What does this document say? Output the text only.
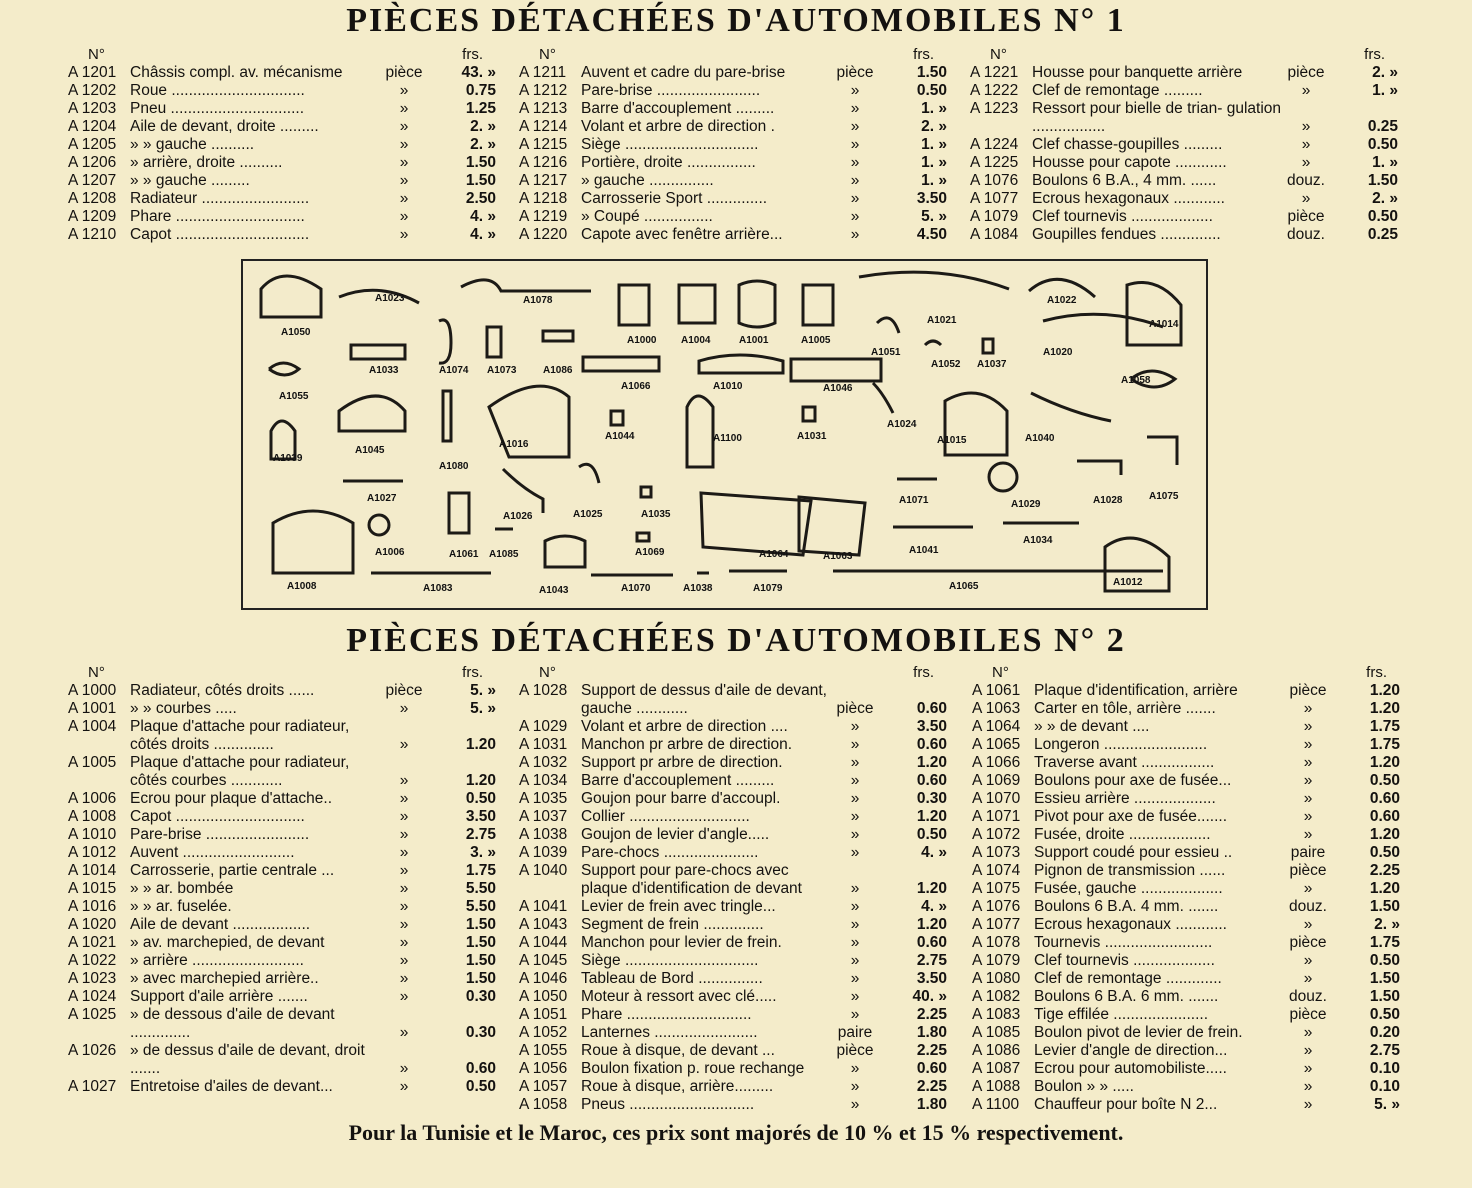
PIÈCES DÉTACHÉES D'AUTOMOBILES N° 1
N°	frs.
A 1201 Châssis compl. av. mécanisme	pièce	43. »
A 1202 Roue ...............................	»	0.75
A 1203 Pneu ...............................	»	1.25
A 1204 Aile de devant, droite .........	»	2. »
A 1205 » » gauche ..........	»	2. »
A 1206 » arrière, droite ..........	»	1.50
A 1207 » » gauche .........	»	1.50
A 1208 Radiateur .........................	»	2.50
A 1209 Phare ..............................	»	4. »
A 1210 Capot ...............................	»	4. »
N°	frs.
A 1211 Auvent et cadre du pare-brise	pièce	1.50
A 1212 Pare-brise ........................	»	0.50
A 1213 Barre d'accouplement .........	»	1. »
A 1214 Volant et arbre de direction .	»	2. »
A 1215 Siège ...............................	»	1. »
A 1216 Portière, droite ................	»	1. »
A 1217 » gauche ...............	»	1. »
A 1218 Carrosserie Sport ..............	»	3.50
A 1219 » Coupé ................	»	5. »
A 1220 Capote avec fenêtre arrière...	»	4.50
N°	frs.
A 1221 Housse pour banquette arrière	pièce	2. »
A 1222 Clef de remontage .........	»	1. »
A 1223 Ressort pour bielle de trian- gulation .................	»	0.25
A 1224 Clef chasse-goupilles .........	»	0.50
A 1225 Housse pour capote ............	»	1. »
A 1076 Boulons 6 B.A., 4 mm. ......	douz.	1.50
A 1077 Ecrous hexagonaux ............	»	2. »
A 1079 Clef tournevis ...................	pièce	0.50
A 1084 Goupilles fendues ..............	douz.	0.25
A1050
A1023	A1078
A1000 A1004	A1001	A1005
A1022
A1021	A1014
A1033	A1074 A1073	A1086
A1051
A1052 A1037
A1020
A1055
A1066	A1010	A1046
A1058
A1045
A1016
A1044	A1100	A1031
A1024
A1015	A1040
A1039
A1080
A1027	A1071	A1029	A1028	A1075
A1026	A1025	A1035
A1006	A1061 A1085	A1069	A1064	A1063
A1041
A1034
A1008	A1083	A1043	A1070	A1038	A1079	A1065	A1012
PIÈCES DÉTACHÉES D'AUTOMOBILES N° 2
N°	frs.
A 1000 Radiateur, côtés droits ......	pièce	5. »
A 1001 » » courbes .....	»	5. »
A 1004 Plaque d'attache pour radiateur, côtés droits ..............	»	1.20
A 1005 Plaque d'attache pour radiateur, côtés courbes ............	»	1.20
A 1006 Ecrou pour plaque d'attache..	»	0.50
A 1008 Capot ..............................	»	3.50
A 1010 Pare-brise ........................	»	2.75
A 1012 Auvent ..........................	»	3. »
A 1014 Carrosserie, partie centrale ...	»	1.75
A 1015 » » ar. bombée	»	5.50
A 1016 » » ar. fuselée.	»	5.50
A 1020 Aile de devant ..................	»	1.50
A 1021 » av. marchepied, de devant	»	1.50
A 1022 » arrière ..........................	»	1.50
A 1023 » avec marchepied arrière..	»	1.50
A 1024 Support d'aile arrière .......	»	0.30
A 1025 » de dessous d'aile de devant ..............	»	0.30
A 1026 » de dessus d'aile de devant, droit .......	»	0.60
A 1027 Entretoise d'ailes de devant...	»	0.50
N°	frs.
A 1028 Support de dessus d'aile de devant, gauche ............	pièce	0.60
A 1029 Volant et arbre de direction ....	»	3.50
A 1031 Manchon pr arbre de direction.	»	0.60
A 1032 Support pr arbre de direction.	»	1.20
A 1034 Barre d'accouplement .........	»	0.60
A 1035 Goujon pour barre d'accoupl.	»	0.30
A 1037 Collier ............................	»	1.20
A 1038 Goujon de levier d'angle.....	»	0.50
A 1039 Pare-chocs ......................	»	4. »
A 1040 Support pour pare-chocs avec plaque d'identification de devant	»	1.20
A 1041 Levier de frein avec tringle...	»	4. »
A 1043 Segment de frein ..............	»	1.20
A 1044 Manchon pour levier de frein.	»	0.60
A 1045 Siège ...............................	»	2.75
A 1046 Tableau de Bord ...............	»	3.50
A 1050 Moteur à ressort avec clé.....	»	40. »
A 1051 Phare .............................	»	2.25
A 1052 Lanternes ........................	paire	1.80
A 1055 Roue à disque, de devant ...	pièce	2.25
A 1056 Boulon fixation p. roue rechange	»	0.60
A 1057 Roue à disque, arrière.........	»	2.25
A 1058 Pneus .............................	»	1.80
N°	frs.
A 1061 Plaque d'identification, arrière	pièce	1.20
A 1063 Carter en tôle, arrière .......	»	1.20
A 1064 » » de devant ....	»	1.75
A 1065 Longeron ........................	»	1.75
A 1066 Traverse avant .................	»	1.20
A 1069 Boulons pour axe de fusée...	»	0.50
A 1070 Essieu arrière ...................	»	0.60
A 1071 Pivot pour axe de fusée.......	»	0.60
A 1072 Fusée, droite ...................	»	1.20
A 1073 Support coudé pour essieu ..	paire	0.50
A 1074 Pignon de transmission ......	pièce	2.25
A 1075 Fusée, gauche ...................	»	1.20
A 1076 Boulons 6 B.A. 4 mm. .......	douz.	1.50
A 1077 Ecrous hexagonaux ............	»	2. »
A 1078 Tournevis .........................	pièce	1.75
A 1079 Clef tournevis ...................	»	0.50
A 1080 Clef de remontage .............	»	1.50
A 1082 Boulons 6 B.A. 6 mm. .......	douz.	1.50
A 1083 Tige effilée ......................	pièce	0.50
A 1085 Boulon pivot de levier de frein.	»	0.20
A 1086 Levier d'angle de direction...	»	2.75
A 1087 Ecrou pour automobiliste.....	»	0.10
A 1088 Boulon » » .....	»	0.10
A 1100 Chauffeur pour boîte N 2...	»	5. »
Pour la Tunisie et le Maroc, ces prix sont majorés de 10 % et 15 % respectivement.
